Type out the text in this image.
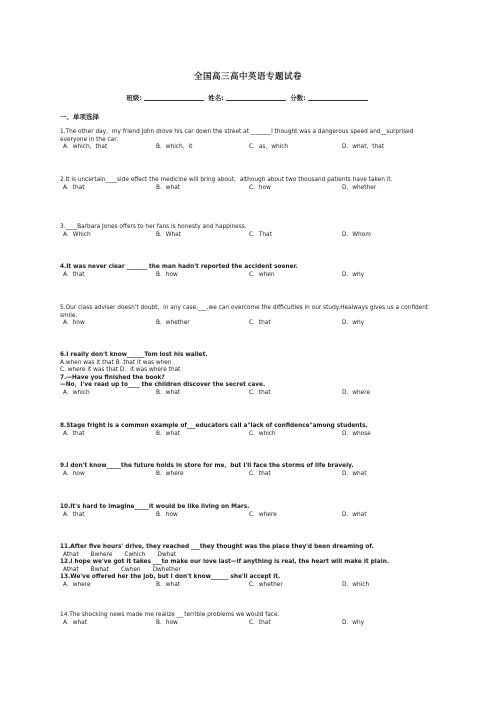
全国高三高中英语专题试卷
班级:	姓名:	分数:
一、单项选择
1.The other day，my friend John drove his car down the street at _______I thought was a dangerous speed and__surprised everyone in the car.
A．which，that	B．which，it	C．as，which	D．what，that
2.It is uncertain____side effect the medicine will bring about，although about two thousand patients have taken it.
A．that	B．what	C．how	D．whether
3.____Barbara Jones offers to her fans is honesty and happiness.
A．Which	B．What	C．That	D．Whom
4.It was never clear _______ the man hadn't reported the accident sooner.
A．that	B．how	C．when	D．why
5.Our class adviser doesn't doubt，in any case,___,we can overcome the difficulties in our study.Healways gives us a confident smile.
A．how	B．whether	C．that	D．why
6.I really don't know______Tom lost his wallet.
A.when was it that B .that it was when
C. where it was that D．it was where that
7.—Have you finished the book?
—No，I've read up to____ the children discover the secret cave.
A．which	B．what	C．that	D．where
8.Stage fright is a common example of___educators call a"lack of confidence"among students.
A．that	B．what	C．which	D．whose
9.I don't know_____the future holds in store for me，but I'll face the storms of life bravely.
A．how	B．where	C．that	D．what
10.It's hard to imagine_____it would be like living on Mars.
A．that	B．how	C．where	D．what
11.After five hours' drive, they reached ___they thought was the place they'd been dreaming of.
Athat Bwhere Cwhich Dwhat
12.I hope we've got it takes ___to make our love last—if anything is real, the heart will make it plain.
Athat Bwhat Cwhen Dwhether
13.We've offered her the job, but I don't know______ she'll accept it.
A．where	B．what	C．whether	D．which
14.The shocking news made me realize __ terrible problems we would face.
A．what	B．how	C．that	D．why
